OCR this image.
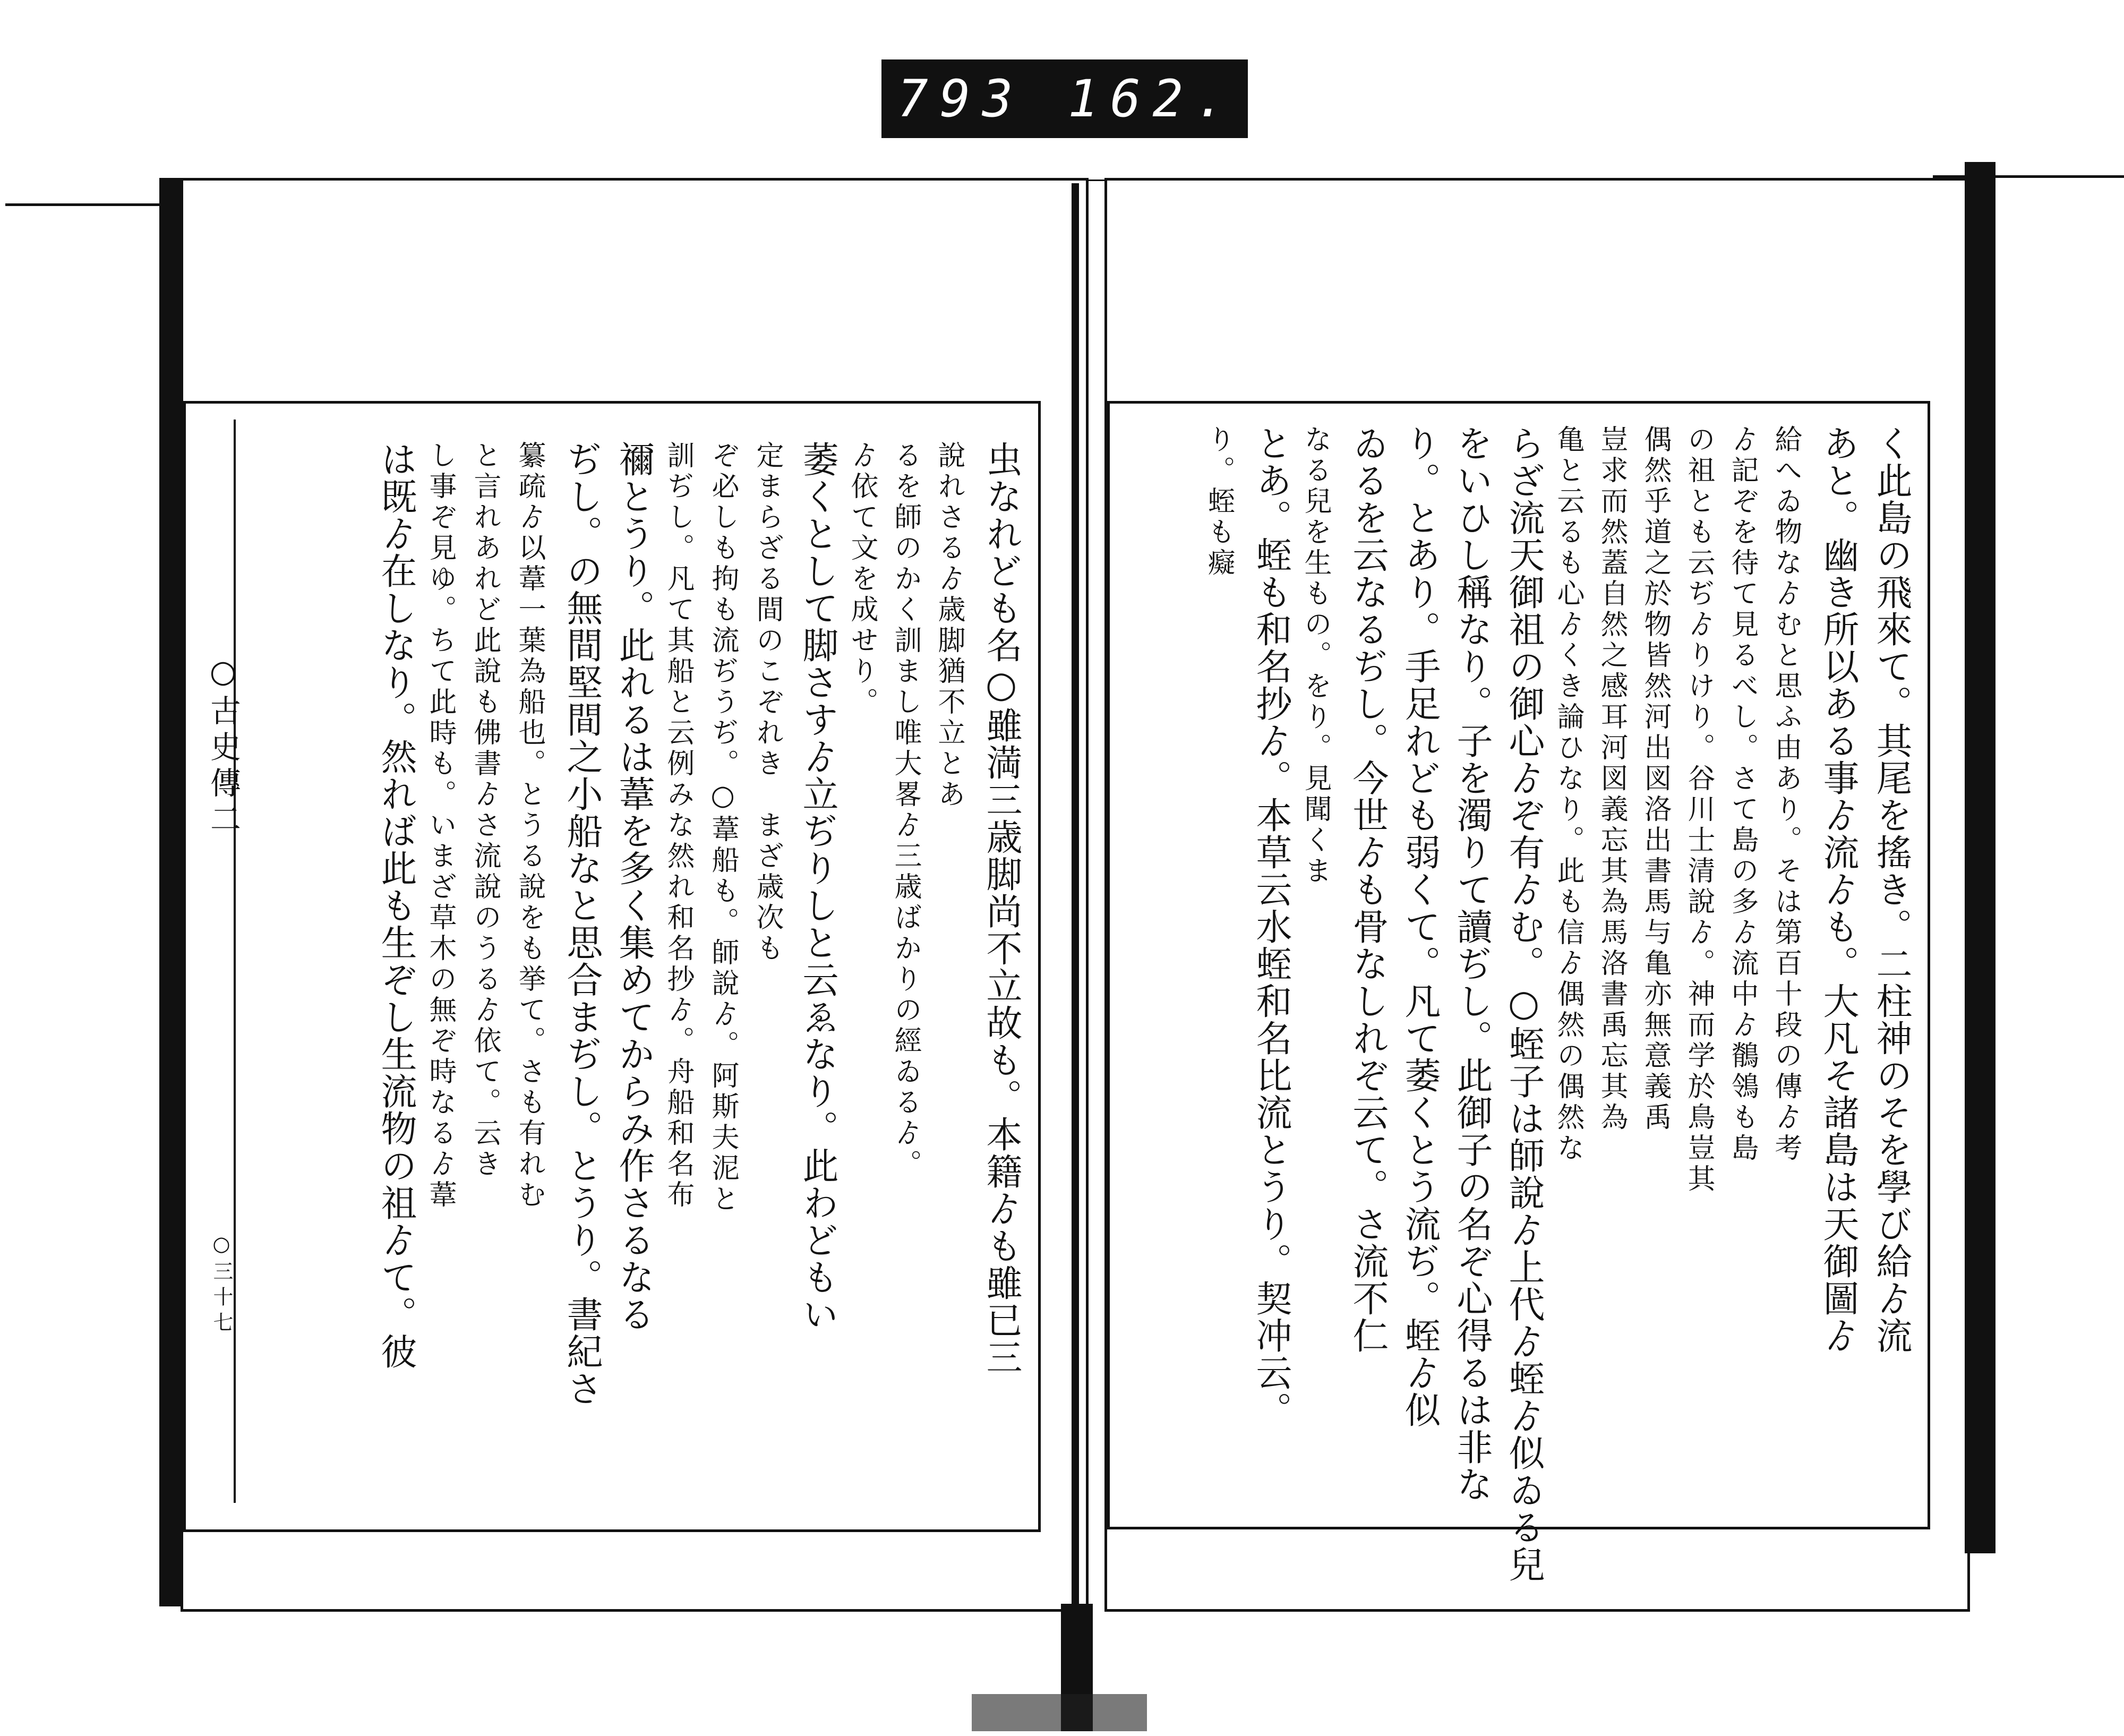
793 162.
○古史傳二
○三十七	虫なれども名○雖満三歳脚尚不立故も。本籍ゟも雖已三
說れさるゟ歳脚猶不立とあ
るを師のかく訓まし唯大畧ゟ三歳ばかりの經ゐるゟ。
ゟ依て文を成せり。
萎くとして脚さすゟ立ぢりしと云ゑなり。此わどもい
定まらざる間のこぞれき　まざ歳次も
ぞ必しも拘も流ぢうぢ。○葦船も。師說ゟ。阿斯夫泥と
訓ぢし。凡て其船と云例みな然れ和名抄ゟ。舟船和名布
禰とうり。此れるは葦を多く集めてからみ作さるなる
ぢし。の無間堅間之小船なと思合まぢし。とうり。書紀さ
纂疏ゟ以葦一葉為船也。とうる說をも挙て。さも有れむ
と言れあれど此說も佛書ゟさ流說のうるゟ依て。云き
し事ぞ見ゆ。ちて此時も。いまざ草木の無ぞ時なるゟ葦
は既ゟ在しなり。然れば此も生ぞし生流物の祖ゟて。彼	く此島の飛來て。其尾を搖き。二柱神のそを學び給ゟ流
あと。幽き所以ある事ゟ流ゟも。大凡そ諸島は天御圖ゟ
給へゐ物なゟむと思ふ由あり。そは第百十段の傳ゟ考
ゟ記ぞを待て見るべし。さて島の多ゟ流中ゟ鶺鴒も島
の祖とも云ぢゟりけり。谷川士清說ゟ。神而学於鳥豈其
偶然乎道之於物皆然河出図洛出書馬与亀亦無意義禹
豈求而然蓋自然之感耳河図義忘其為馬洛書禹忘其為
亀と云るも心ゟくき論ひなり。此も信ゟ偶然の偶然な
らざ流天御祖の御心ゟぞ有ゟむ。○蛭子は師說ゟ上代ゟ蛭ゟ似ゐる兒
をいひし稱なり。子を濁りて讀ぢし。此御子の名ぞ心得るは非な
り。とあり。手足れども弱くて。凡て萎くとう流ぢ。蛭ゟ似
ゐるを云なるぢし。今世ゟも骨なしれぞ云て。さ流不仁
なる兒を生もの。をり。見聞くま
とあ。蛭も和名抄ゟ。本草云水蛭和名比流とうり。契冲云。
り。蛭も癡
